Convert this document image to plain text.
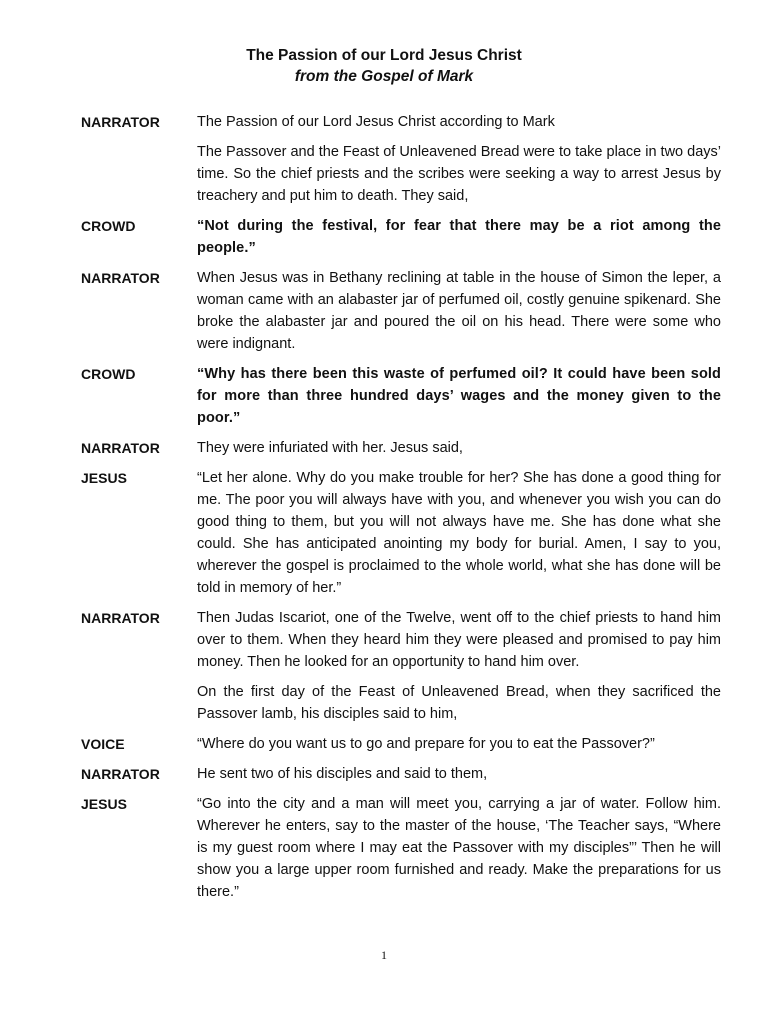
The Passion of our Lord Jesus Christ
from the Gospel of Mark
NARRATOR	The Passion of our Lord Jesus Christ according to Mark

The Passover and the Feast of Unleavened Bread were to take place in two days’ time. So the chief priests and the scribes were seeking a way to arrest Jesus by treachery and put him to death. They said,

CROWD	“Not during the festival, for fear that there may be a riot among the people.”

NARRATOR	When Jesus was in Bethany reclining at table in the house of Simon the leper, a woman came with an alabaster jar of perfumed oil, costly genuine spikenard. She broke the alabaster jar and poured the oil on his head. There were some who were indignant.

CROWD	“Why has there been this waste of perfumed oil? It could have been sold for more than three hundred days’ wages and the money given to the poor.”

NARRATOR	They were infuriated with her. Jesus said,

JESUS	“Let her alone. Why do you make trouble for her? She has done a good thing for me. The poor you will always have with you, and whenever you wish you can do good thing to them, but you will not always have me. She has done what she could. She has anticipated anointing my body for burial. Amen, I say to you, wherever the gospel is proclaimed to the whole world, what she has done will be told in memory of her.”

NARRATOR	Then Judas Iscariot, one of the Twelve, went off to the chief priests to hand him over to them. When they heard him they were pleased and promised to pay him money. Then he looked for an opportunity to hand him over.

On the first day of the Feast of Unleavened Bread, when they sacrificed the Passover lamb, his disciples said to him,

VOICE	“Where do you want us to go and prepare for you to eat the Passover?”

NARRATOR	He sent two of his disciples and said to them,

JESUS	“Go into the city and a man will meet you, carrying a jar of water. Follow him. Wherever he enters, say to the master of the house, ‘The Teacher says, “Where is my guest room where I may eat the Passover with my disciples”’ Then he will show you a large upper room furnished and ready. Make the preparations for us there.”

1
